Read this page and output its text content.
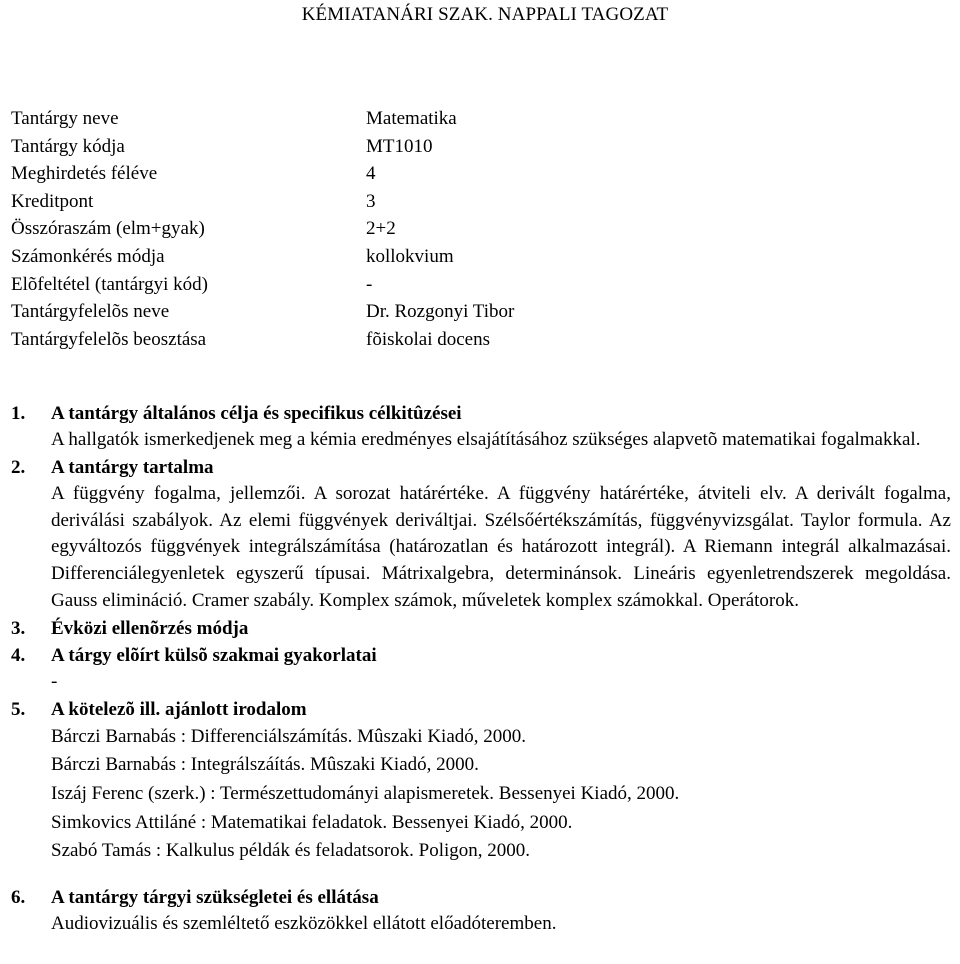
KÉMIATANÁRI SZAK. NAPPALI TAGOZAT
Tantárgy neve	Matematika
Tantárgy kódja	MT1010
Meghirdetés féléve	4
Kreditpont	3
Összóraszám (elm+gyak)	2+2
Számonkérés módja	kollokvium
Elõfeltétel (tantárgyi kód)	-
Tantárgyfelelõs neve	Dr. Rozgonyi Tibor
Tantárgyfelelõs beosztása	fõiskolai docens
1. A tantárgy általános célja és specifikus célkitûzései
A hallgatók ismerkedjenek meg a kémia eredményes elsajátításához szükséges alapvetõ matematikai fogalmakkal.
2. A tantárgy tartalma
A függvény fogalma, jellemzői. A sorozat határértéke. A függvény határértéke, átviteli elv. A derivált fogalma, deriválási szabályok. Az elemi függvények deriváltjai. Szélsőértékszámítás, függvényvizsgálat. Taylor formula. Az egyváltozós függvények integrálszámítása (határozatlan és határozott integrál). A Riemann integrál alkalmazásai. Differenciálegyenletek egyszerű típusai. Mátrixalgebra, determinánsok. Lineáris egyenletrendszerek megoldása. Gauss elimináció. Cramer szabály. Komplex számok, műveletek komplex számokkal. Operátorok.
3. Évközi ellenõrzés módja
4. A tárgy elõírt külsõ szakmai gyakorlatai
-
5. A kötelezõ ill. ajánlott irodalom
Bárczi Barnabás : Differenciálszámítás. Mûszaki Kiadó, 2000.
Bárczi Barnabás : Integrálszáítás. Mûszaki Kiadó, 2000.
Iszáj Ferenc (szerk.) : Természettudományi alapismeretek. Bessenyei Kiadó, 2000.
Simkovics Attiláné : Matematikai feladatok. Bessenyei Kiadó, 2000.
Szabó Tamás : Kalkulus példák és feladatsorok. Poligon, 2000.
6. A tantárgy tárgyi szükségletei és ellátása
Audiovizuális és szemléltető eszközökkel ellátott előadóteremben.
